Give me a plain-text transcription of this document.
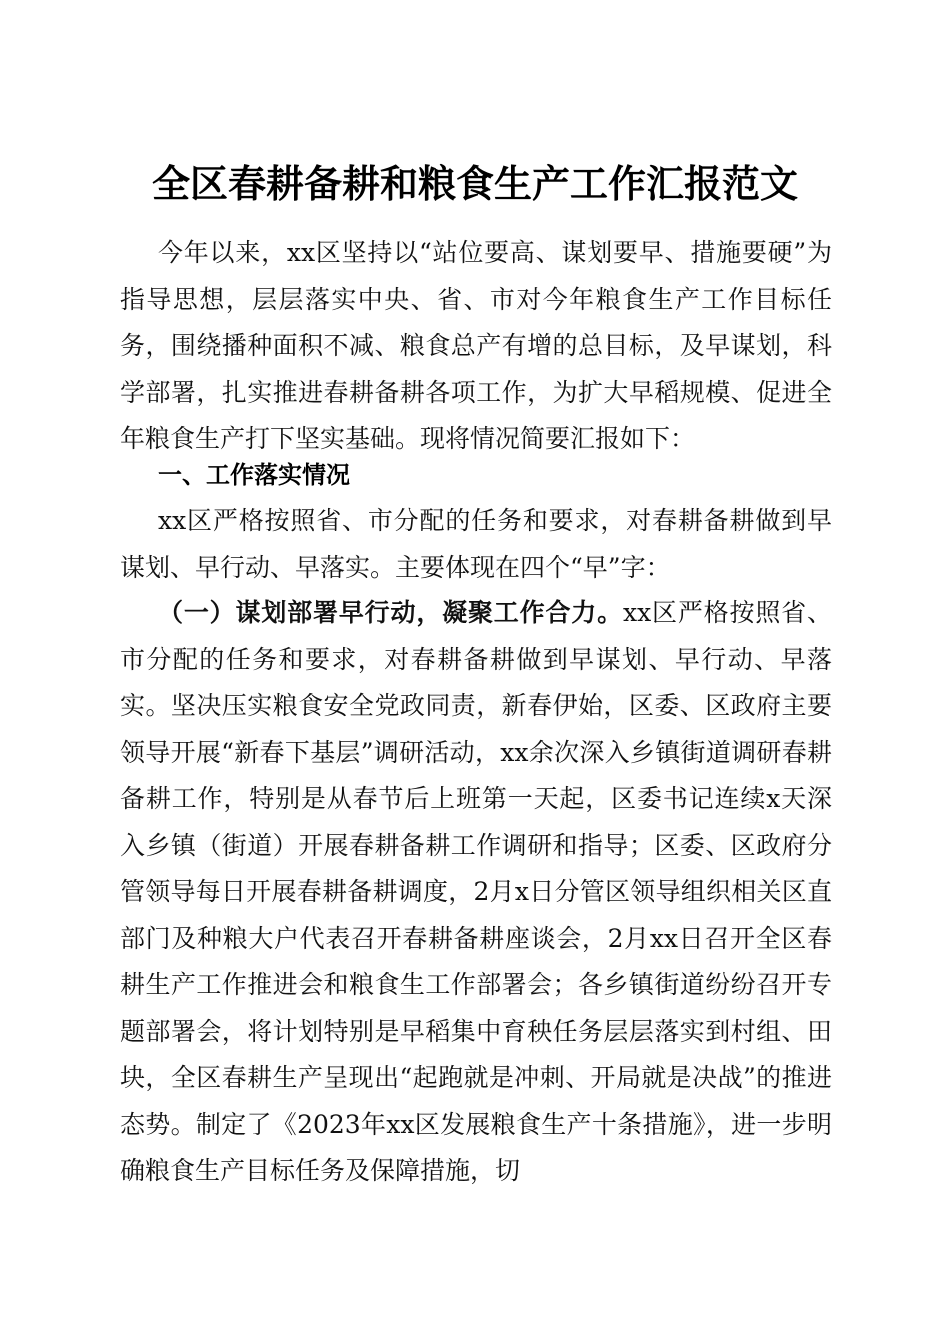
全区春耕备耕和粮食生产工作汇报范文

今年以来，xx区坚持以“站位要高、谋划要早、措施要硬”为指导思想，层层落实中央、省、市对今年粮食生产工作目标任务，围绕播种面积不减、粮食总产有增的总目标，及早谋划，科学部署，扎实推进春耕备耕各项工作，为扩大早稻规模、促进全年粮食生产打下坚实基础。现将情况简要汇报如下：

一、工作落实情况

xx区严格按照省、市分配的任务和要求，对春耕备耕做到早谋划、早行动、早落实。主要体现在四个“早”字：

（一）谋划部署早行动，凝聚工作合力。xx区严格按照省、市分配的任务和要求，对春耕备耕做到早谋划、早行动、早落实。坚决压实粮食安全党政同责，新春伊始，区委、区政府主要领导开展“新春下基层”调研活动，xx余次深入乡镇街道调研春耕备耕工作，特别是从春节后上班第一天起，区委书记连续x天深入乡镇（街道）开展春耕备耕工作调研和指导；区委、区政府分管领导每日开展春耕备耕调度，2月x日分管区领导组织相关区直部门及种粮大户代表召开春耕备耕座谈会，2月xx日召开全区春耕生产工作推进会和粮食生工作部署会；各乡镇街道纷纷召开专题部署会，将计划特别是早稻集中育秧任务层层落实到村组、田块，全区春耕生产呈现出“起跑就是冲刺、开局就是决战”的推进态势。制定了《2023年xx区发展粮食生产十条措施》，进一步明确粮食生产目标任务及保障措施，切
